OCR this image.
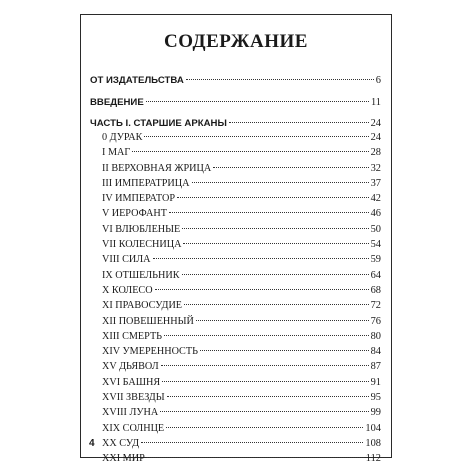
СОДЕРЖАНИЕ
ОТ ИЗДАТЕЛЬСТВА	6
ВВЕДЕНИЕ	11
ЧАСТЬ I. СТАРШИЕ АРКАНЫ	24
0 ДУРАК	24
I МАГ	28
II ВЕРХОВНАЯ ЖРИЦА	32
III ИМПЕРАТРИЦА	37
IV ИМПЕРАТОР	42
V ИЕРОФАНТ	46
VI ВЛЮБЛЕНЫЕ	50
VII КОЛЕСНИЦА	54
VIII СИЛА	59
IX ОТШЕЛЬНИК	64
X КОЛЕСО	68
XI ПРАВОСУДИЕ	72
XII ПОВЕШЕННЫЙ	76
XIII СМЕРТЬ	80
XIV УМЕРЕННОСТЬ	84
XV ДЬЯВОЛ	87
XVI БАШНЯ	91
XVII ЗВЕЗДЫ	95
XVIII ЛУНА	99
XIX СОЛНЦЕ	104
XX СУД	108
XXI МИР	112
4
